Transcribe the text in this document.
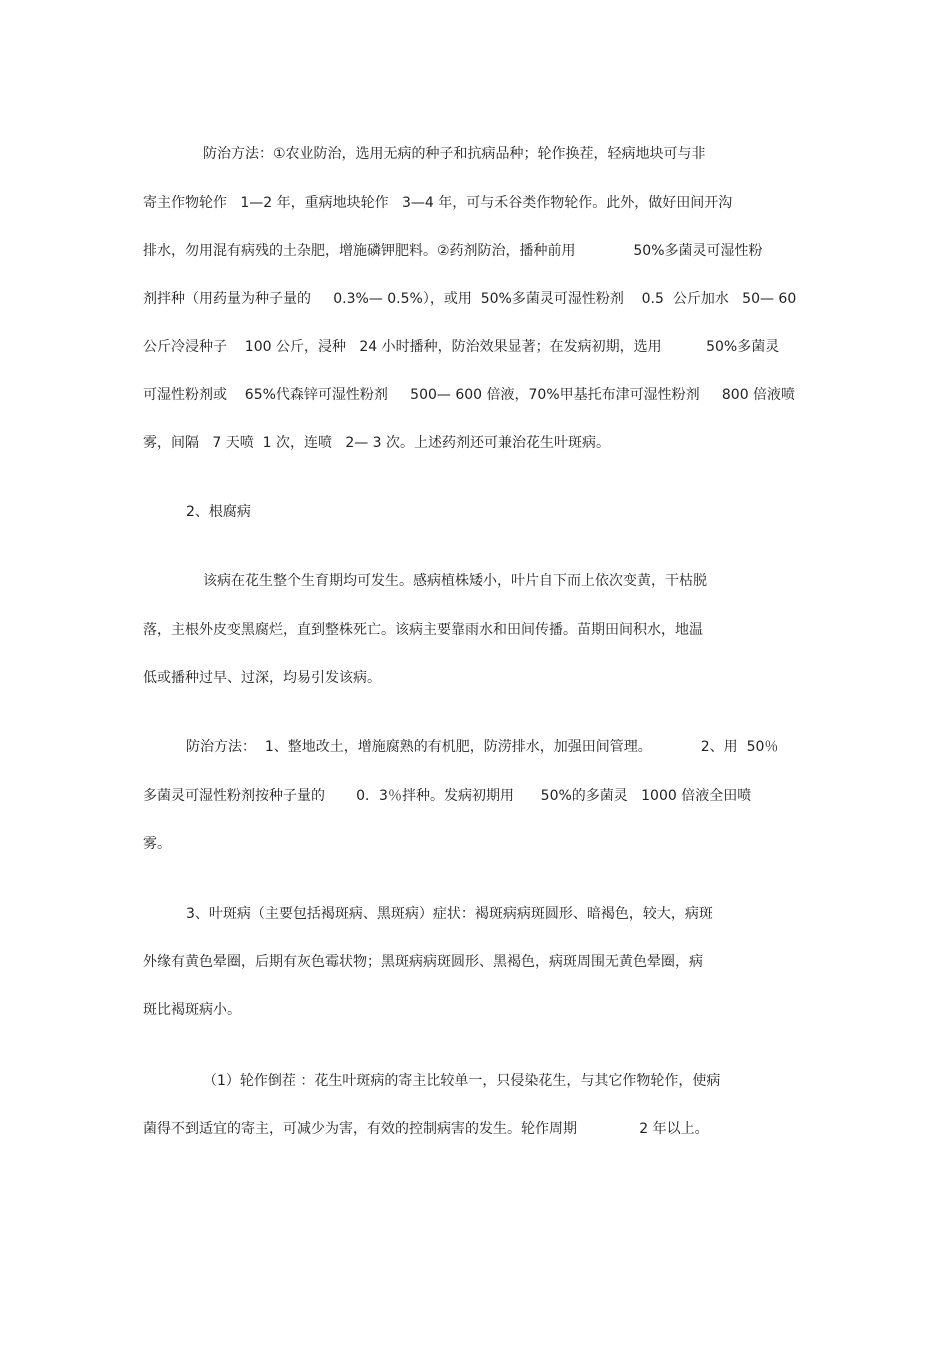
防治方法：①农业防治，选用无病的种子和抗病品种；轮作换茬，轻病地块可与非
寄主作物轮作   1—2 年，重病地块轮作   3—4 年，可与禾谷类作物轮作。此外，做好田间开沟
排水，勿用混有病残的土杂肥，增施磷钾肥料。②药剂防治，播种前用             50%多菌灵可湿性粉
剂拌种（用药量为种子量的     0.3%— 0.5%），或用  50%多菌灵可湿性粉剂    0.5  公斤加水   50— 60
公斤冷浸种子    100 公斤，浸种   24 小时播种，防治效果显著；在发病初期，选用          50%多菌灵
可湿性粉剂或    65%代森锌可湿性粉剂     500— 600 倍液，70%甲基托布津可湿性粉剂     800 倍液喷
雾，间隔   7 天喷  1 次，连喷   2— 3 次。上述药剂还可兼治花生叶斑病。
2、根腐病
该病在花生整个生育期均可发生。感病植株矮小，叶片自下而上依次变黄，干枯脱
落，主根外皮变黑腐烂，直到整株死亡。该病主要靠雨水和田间传播。苗期田间积水，地温
低或播种过早、过深，均易引发该病。
防治方法：  1、整地改土，增施腐熟的有机肥，防涝排水，加强田间管理。           2、用  50％
多菌灵可湿性粉剂按种子量的       0．3％拌种。发病初期用      50%的多菌灵   1000 倍液全田喷
雾。
3、叶斑病（主要包括褐斑病、黑斑病）症状：褐斑病病斑圆形、暗褐色，较大，病斑
外缘有黄色晕圈，后期有灰色霉状物；黑斑病病斑圆形、黑褐色，病斑周围无黄色晕圈，病
斑比褐斑病小。
（1）轮作倒茬 ：花生叶斑病的寄主比较单一，只侵染花生，与其它作物轮作，使病
菌得不到适宜的寄主，可减少为害，有效的控制病害的发生。轮作周期              2 年以上。
